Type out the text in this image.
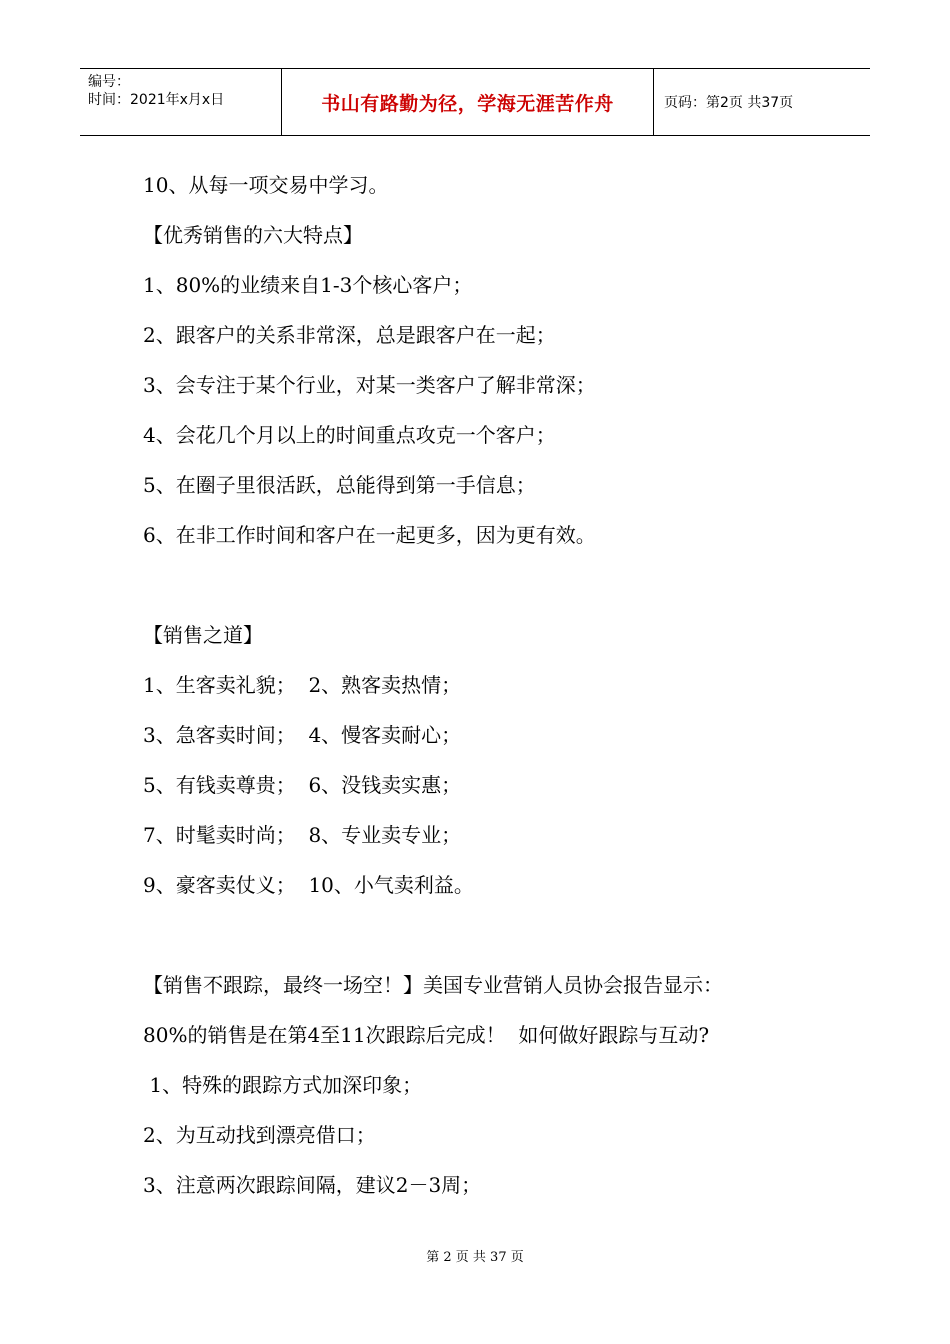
编号：
时间：2021年x月x日	书山有路勤为径，学海无涯苦作舟	页码：第2页 共37页
10、从每一项交易中学习。
【优秀销售的六大特点】
1、80%的业绩来自1-3个核心客户；
2、跟客户的关系非常深，总是跟客户在一起；
3、会专注于某个行业，对某一类客户了解非常深；
4、会花几个月以上的时间重点攻克一个客户；
5、在圈子里很活跃，总能得到第一手信息；
6、在非工作时间和客户在一起更多，因为更有效。
【销售之道】
1、生客卖礼貌；  2、熟客卖热情；
3、急客卖时间；  4、慢客卖耐心；
5、有钱卖尊贵；  6、没钱卖实惠；
7、时髦卖时尚；  8、专业卖专业；
9、豪客卖仗义；  10、小气卖利益。
【销售不跟踪，最终一场空！】美国专业营销人员协会报告显示：
80%的销售是在第4至11次跟踪后完成！  如何做好跟踪与互动?
1、特殊的跟踪方式加深印象；
2、为互动找到漂亮借口；
3、注意两次跟踪间隔，建议2－3周；
第 2 页 共 37 页
